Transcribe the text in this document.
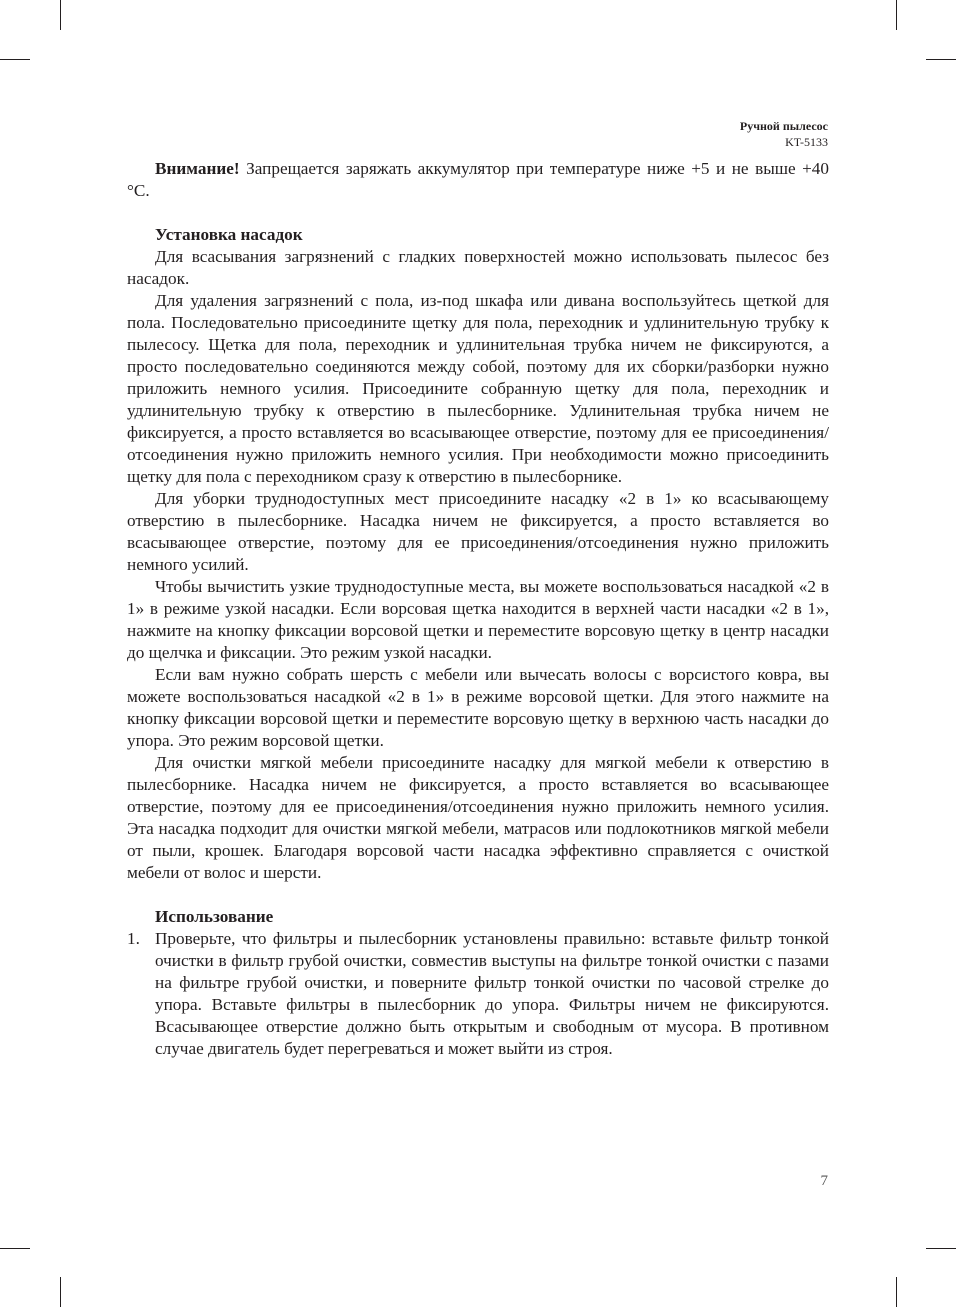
Ручной пылесос
KT-5133

Внимание! Запрещается заряжать аккумулятор при температуре ниже +5 и не выше +40 °С.

Установка насадок

Для всасывания загрязнений с гладких поверхностей можно использовать пылесос без насадок.

Для удаления загрязнений с пола, из-под шкафа или дивана воспользуйтесь щеткой для пола. Последовательно присоедините щетку для пола, переходник и удлинительную трубку к пылесосу. Щетка для пола, переходник и удлинительная трубка ничем не фиксируются, а просто последовательно соединяются между собой, поэтому для их сборки/разборки нужно приложить немного усилия. Присоедините собранную щетку для пола, переходник и удлинительную трубку к отверстию в пылесборнике. Удлинительная трубка ничем не фиксируется, а просто вставляется во всасывающее отверстие, поэтому для ее присоединения/отсоединения нужно приложить немного усилия. При необходимости можно присоединить щетку для пола с переходником сразу к отверстию в пылесборнике.

Для уборки труднодоступных мест присоедините насадку «2 в 1» ко всасывающему отверстию в пылесборнике. Насадка ничем не фиксируется, а просто вставляется во всасывающее отверстие, поэтому для ее присоединения/отсоединения нужно приложить немного усилий.

Чтобы вычистить узкие труднодоступные места, вы можете воспользоваться насадкой «2 в 1» в режиме узкой насадки. Если ворсовая щетка находится в верхней части насадки «2 в 1», нажмите на кнопку фиксации ворсовой щетки и переместите ворсовую щетку в центр насадки до щелчка и фиксации. Это режим узкой насадки.

Если вам нужно собрать шерсть с мебели или вычесать волосы с ворсистого ковра, вы можете воспользоваться насадкой «2 в 1» в режиме ворсовой щетки. Для этого нажмите на кнопку фиксации ворсовой щетки и переместите ворсовую щетку в верхнюю часть насадки до упора. Это режим ворсовой щетки.

Для очистки мягкой мебели присоедините насадку для мягкой мебели к отверстию в пылесборнике. Насадка ничем не фиксируется, а просто вставляется во всасывающее отверстие, поэтому для ее присоединения/отсоединения нужно приложить немного усилия. Эта насадка подходит для очистки мягкой мебели, матрасов или подлокотников мягкой мебели от пыли, крошек. Благодаря ворсовой части насадка эффективно справляется с очисткой мебели от волос и шерсти.

Использование
1. Проверьте, что фильтры и пылесборник установлены правильно: вставьте фильтр тонкой очистки в фильтр грубой очистки, совместив выступы на фильтре тонкой очистки с пазами на фильтре грубой очистки, и поверните фильтр тонкой очистки по часовой стрелке до упора. Вставьте фильтры в пылесборник до упора. Фильтры ничем не фиксируются. Всасывающее отверстие должно быть открытым и свободным от мусора. В противном случае двигатель будет перегреваться и может выйти из строя.
7
